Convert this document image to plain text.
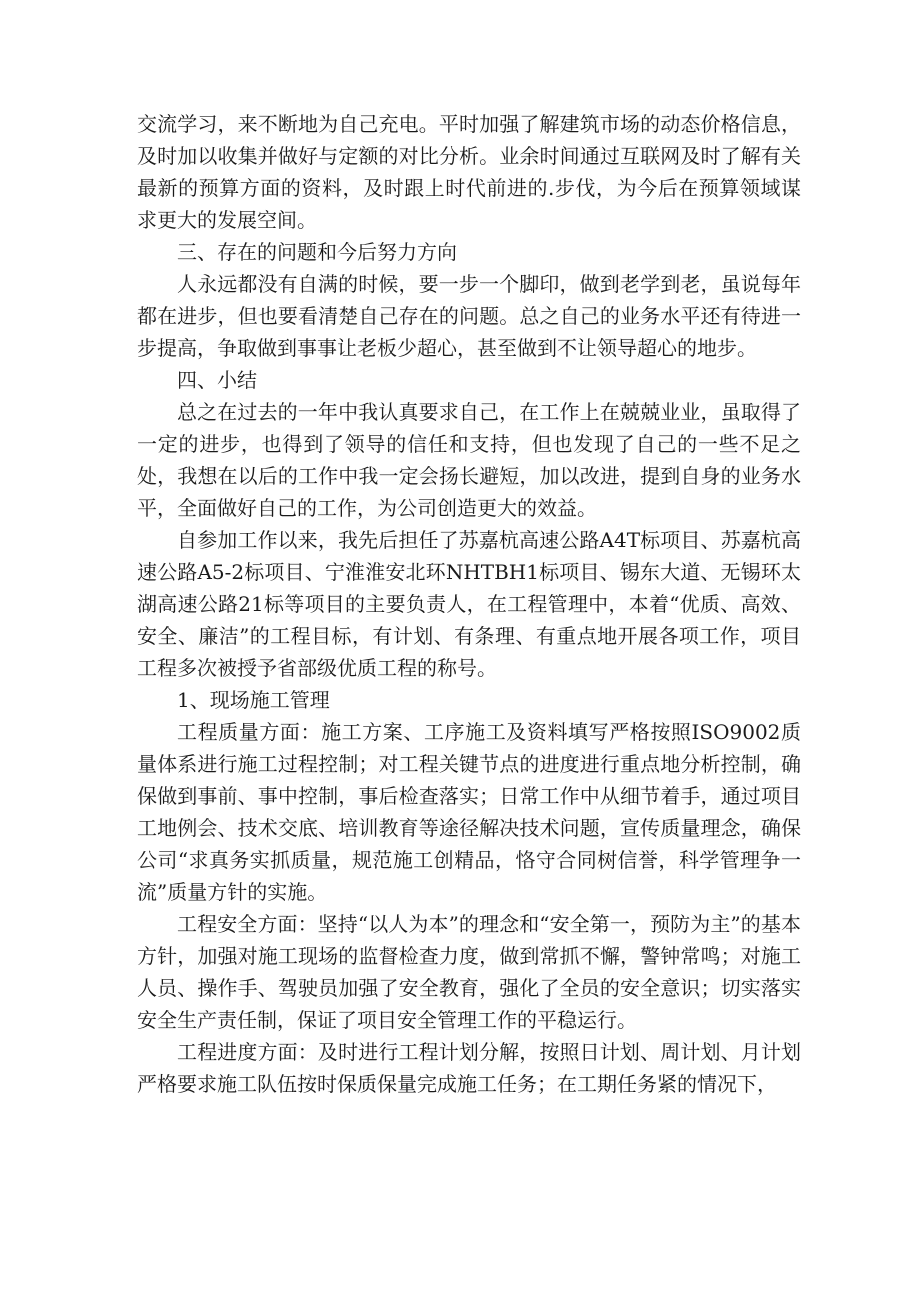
交流学习，来不断地为自己充电。平时加强了解建筑市场的动态价格信息，及时加以收集并做好与定额的对比分析。业余时间通过互联网及时了解有关最新的预算方面的资料，及时跟上时代前进的.步伐，为今后在预算领域谋求更大的发展空间。

三、存在的问题和今后努力方向

人永远都没有自满的时候，要一步一个脚印，做到老学到老，虽说每年都在进步，但也要看清楚自己存在的问题。总之自己的业务水平还有待进一步提高，争取做到事事让老板少超心，甚至做到不让领导超心的地步。

四、小结

总之在过去的一年中我认真要求自己，在工作上在兢兢业业，虽取得了一定的进步，也得到了领导的信任和支持，但也发现了自己的一些不足之处，我想在以后的工作中我一定会扬长避短，加以改进，提到自身的业务水平，全面做好自己的工作，为公司创造更大的效益。

自参加工作以来，我先后担任了苏嘉杭高速公路A4T标项目、苏嘉杭高速公路A5-2标项目、宁淮淮安北环NHTBH1标项目、锡东大道、无锡环太湖高速公路21标等项目的主要负责人，在工程管理中，本着“优质、高效、安全、廉洁”的工程目标，有计划、有条理、有重点地开展各项工作，项目工程多次被授予省部级优质工程的称号。

1、现场施工管理

工程质量方面：施工方案、工序施工及资料填写严格按照ISO9002质量体系进行施工过程控制；对工程关键节点的进度进行重点地分析控制，确保做到事前、事中控制，事后检查落实；日常工作中从细节着手，通过项目工地例会、技术交底、培训教育等途径解决技术问题，宣传质量理念，确保公司“求真务实抓质量，规范施工创精品，恪守合同树信誉，科学管理争一流”质量方针的实施。

工程安全方面：坚持“以人为本”的理念和“安全第一，预防为主”的基本方针，加强对施工现场的监督检查力度，做到常抓不懈，警钟常鸣；对施工人员、操作手、驾驶员加强了安全教育，强化了全员的安全意识；切实落实安全生产责任制，保证了项目安全管理工作的平稳运行。

工程进度方面：及时进行工程计划分解，按照日计划、周计划、月计划严格要求施工队伍按时保质保量完成施工任务；在工期任务紧的情况下，
